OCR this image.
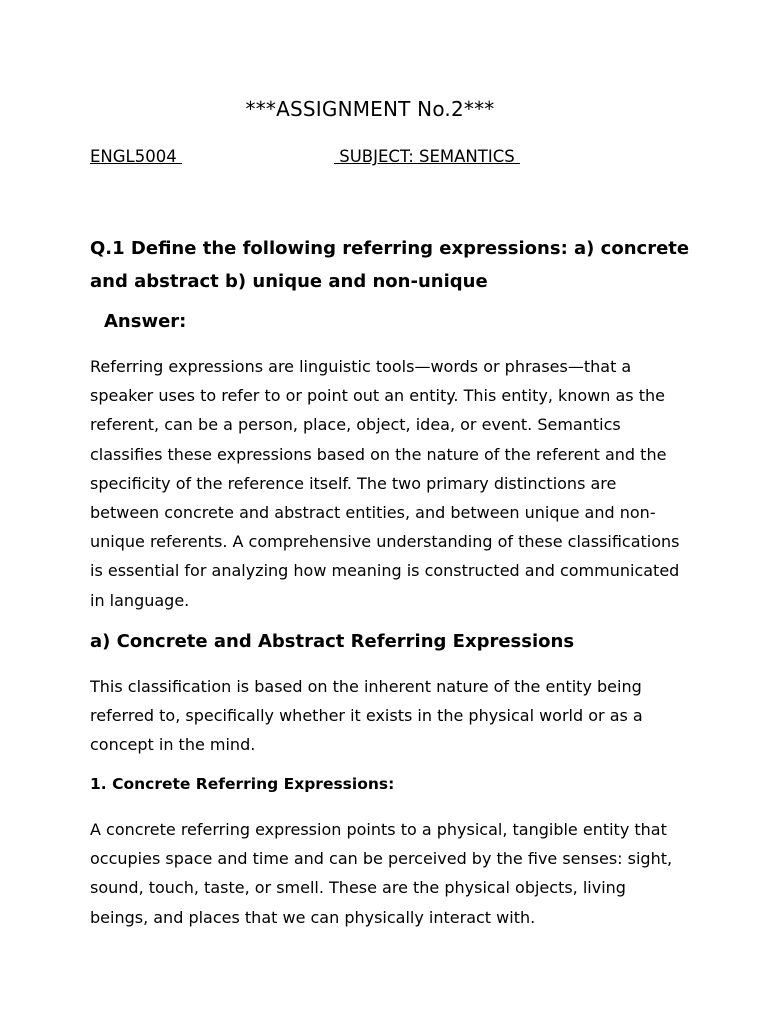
***ASSIGNMENT No.2***
ENGL5004	SUBJECT: SEMANTICS
Q.1 Define the following referring expressions: a) concrete and abstract b) unique and non-unique
Answer:
Referring expressions are linguistic tools—words or phrases—that a speaker uses to refer to or point out an entity. This entity, known as the referent, can be a person, place, object, idea, or event. Semantics classifies these expressions based on the nature of the referent and the specificity of the reference itself. The two primary distinctions are between concrete and abstract entities, and between unique and non-unique referents. A comprehensive understanding of these classifications is essential for analyzing how meaning is constructed and communicated in language.
a) Concrete and Abstract Referring Expressions
This classification is based on the inherent nature of the entity being referred to, specifically whether it exists in the physical world or as a concept in the mind.
1. Concrete Referring Expressions:
A concrete referring expression points to a physical, tangible entity that occupies space and time and can be perceived by the five senses: sight, sound, touch, taste, or smell. These are the physical objects, living beings, and places that we can physically interact with.
